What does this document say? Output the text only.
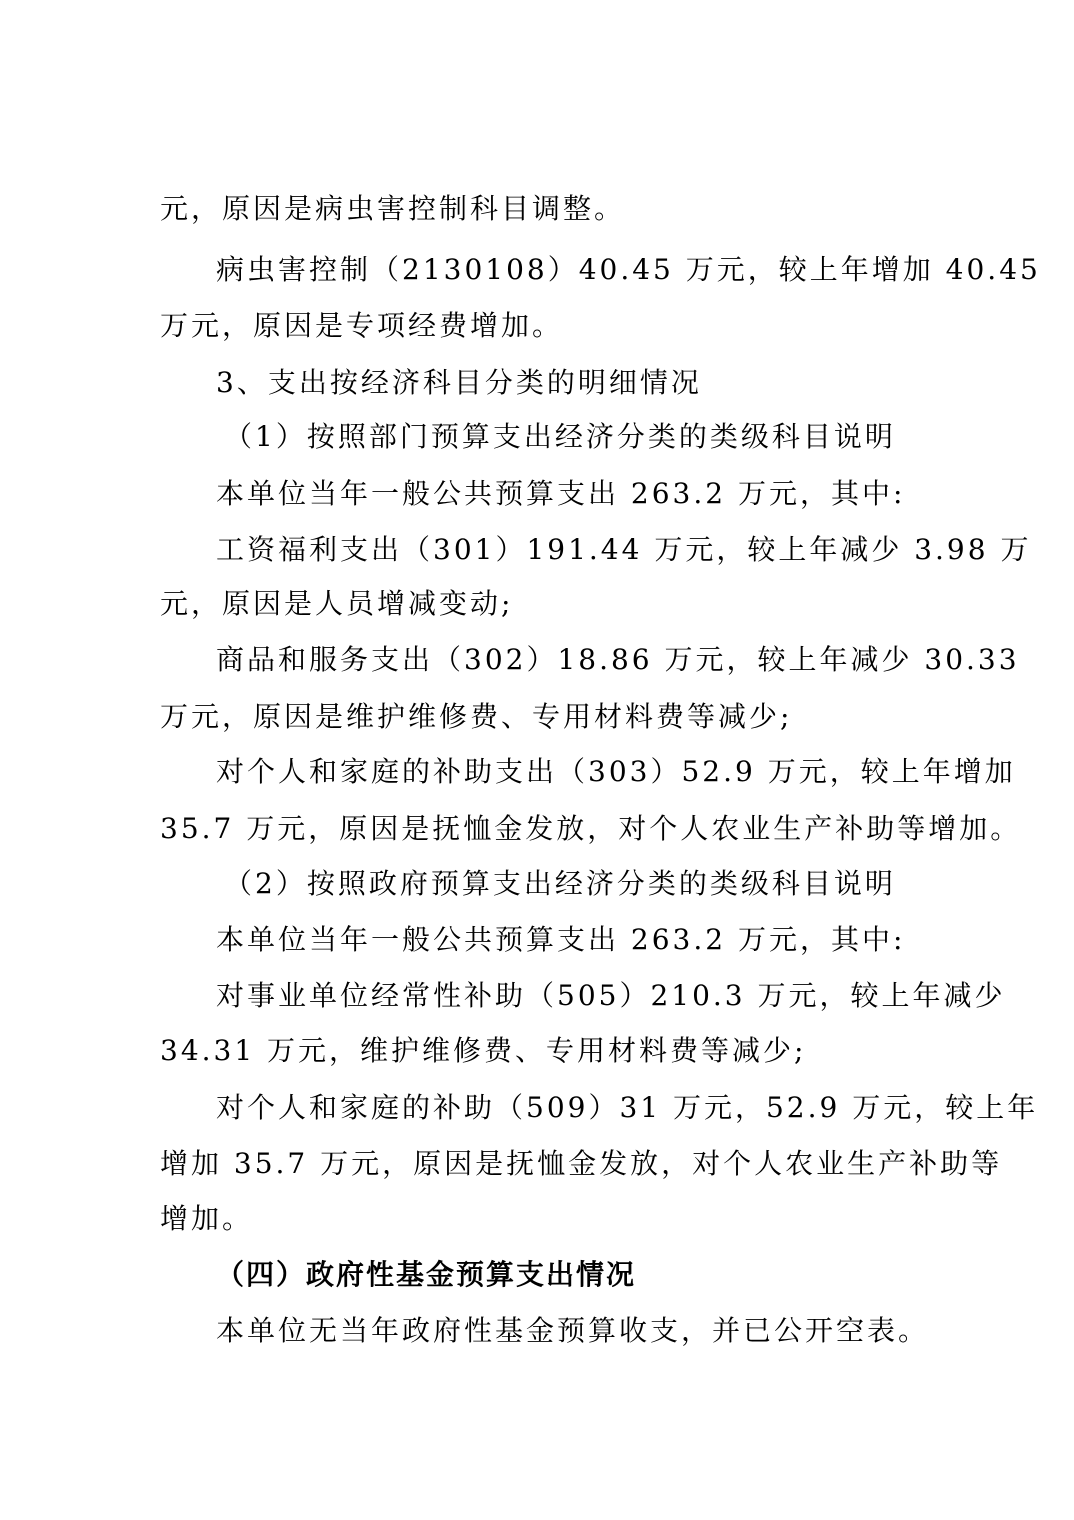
元，原因是病虫害控制科目调整。
病虫害控制（2130108）40.45 万元，较上年增加 40.45
万元，原因是专项经费增加。
3、支出按经济科目分类的明细情况
（1）按照部门预算支出经济分类的类级科目说明
本单位当年一般公共预算支出 263.2 万元，其中:
工资福利支出（301）191.44 万元，较上年减少 3.98 万
元，原因是人员增减变动;
商品和服务支出（302）18.86 万元，较上年减少 30.33
万元，原因是维护维修费、专用材料费等减少;
对个人和家庭的补助支出（303）52.9 万元，较上年增加
35.7 万元，原因是抚恤金发放，对个人农业生产补助等增加。
（2）按照政府预算支出经济分类的类级科目说明
本单位当年一般公共预算支出 263.2 万元，其中:
对事业单位经常性补助（505）210.3 万元，较上年减少
34.31 万元，维护维修费、专用材料费等减少;
对个人和家庭的补助（509）31 万元，52.9 万元，较上年
增加 35.7 万元，原因是抚恤金发放，对个人农业生产补助等
增加。
（四）政府性基金预算支出情况
本单位无当年政府性基金预算收支，并已公开空表。
